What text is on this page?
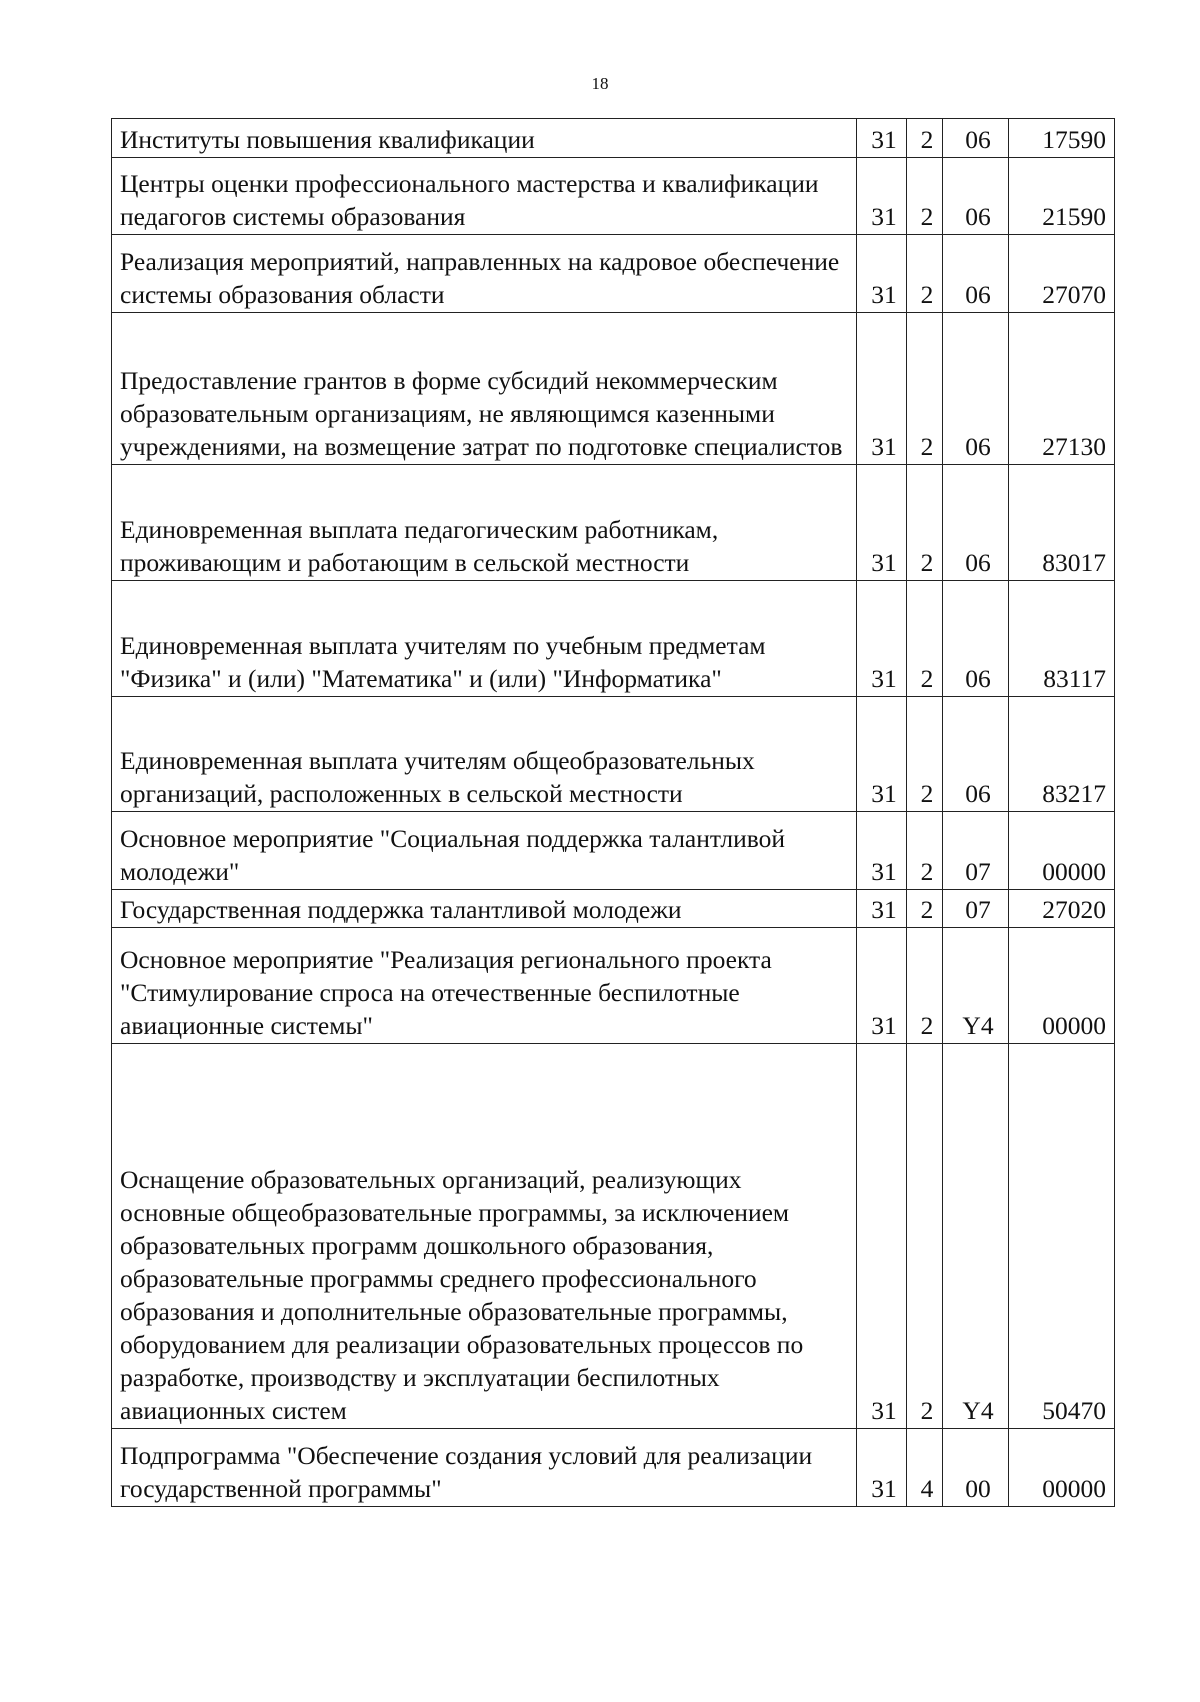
18
Институты повышения квалификации	31	2	06	17590
Центры оценки профессионального мастерства и квалификации педагогов системы образования	31	2	06	21590
Реализация мероприятий, направленных на кадровое обеспечение системы образования области	31	2	06	27070
Предоставление грантов в форме субсидий некоммерческим образовательным организациям, не являющимся казенными учреждениями, на возмещение затрат по подготовке специалистов	31	2	06	27130
Единовременная выплата педагогическим работникам, проживающим и работающим в сельской местности	31	2	06	83017
Единовременная выплата учителям по учебным предметам "Физика" и (или) "Математика" и (или) "Информатика"	31	2	06	83117
Единовременная выплата учителям общеобразовательных организаций, расположенных в сельской местности	31	2	06	83217
Основное мероприятие "Социальная поддержка талантливой молодежи"	31	2	07	00000
Государственная поддержка талантливой молодежи	31	2	07	27020
Основное мероприятие "Реализация регионального проекта "Стимулирование спроса на отечественные беспилотные авиационные системы"	31	2	Y4	00000
Оснащение образовательных организаций, реализующих основные общеобразовательные программы, за исключением образовательных программ дошкольного образования, образовательные программы среднего профессионального образования и дополнительные образовательные программы, оборудованием для реализации образовательных процессов по разработке, производству и эксплуатации беспилотных авиационных систем	31	2	Y4	50470
Подпрограмма "Обеспечение создания условий для реализации государственной программы"	31	4	00	00000
